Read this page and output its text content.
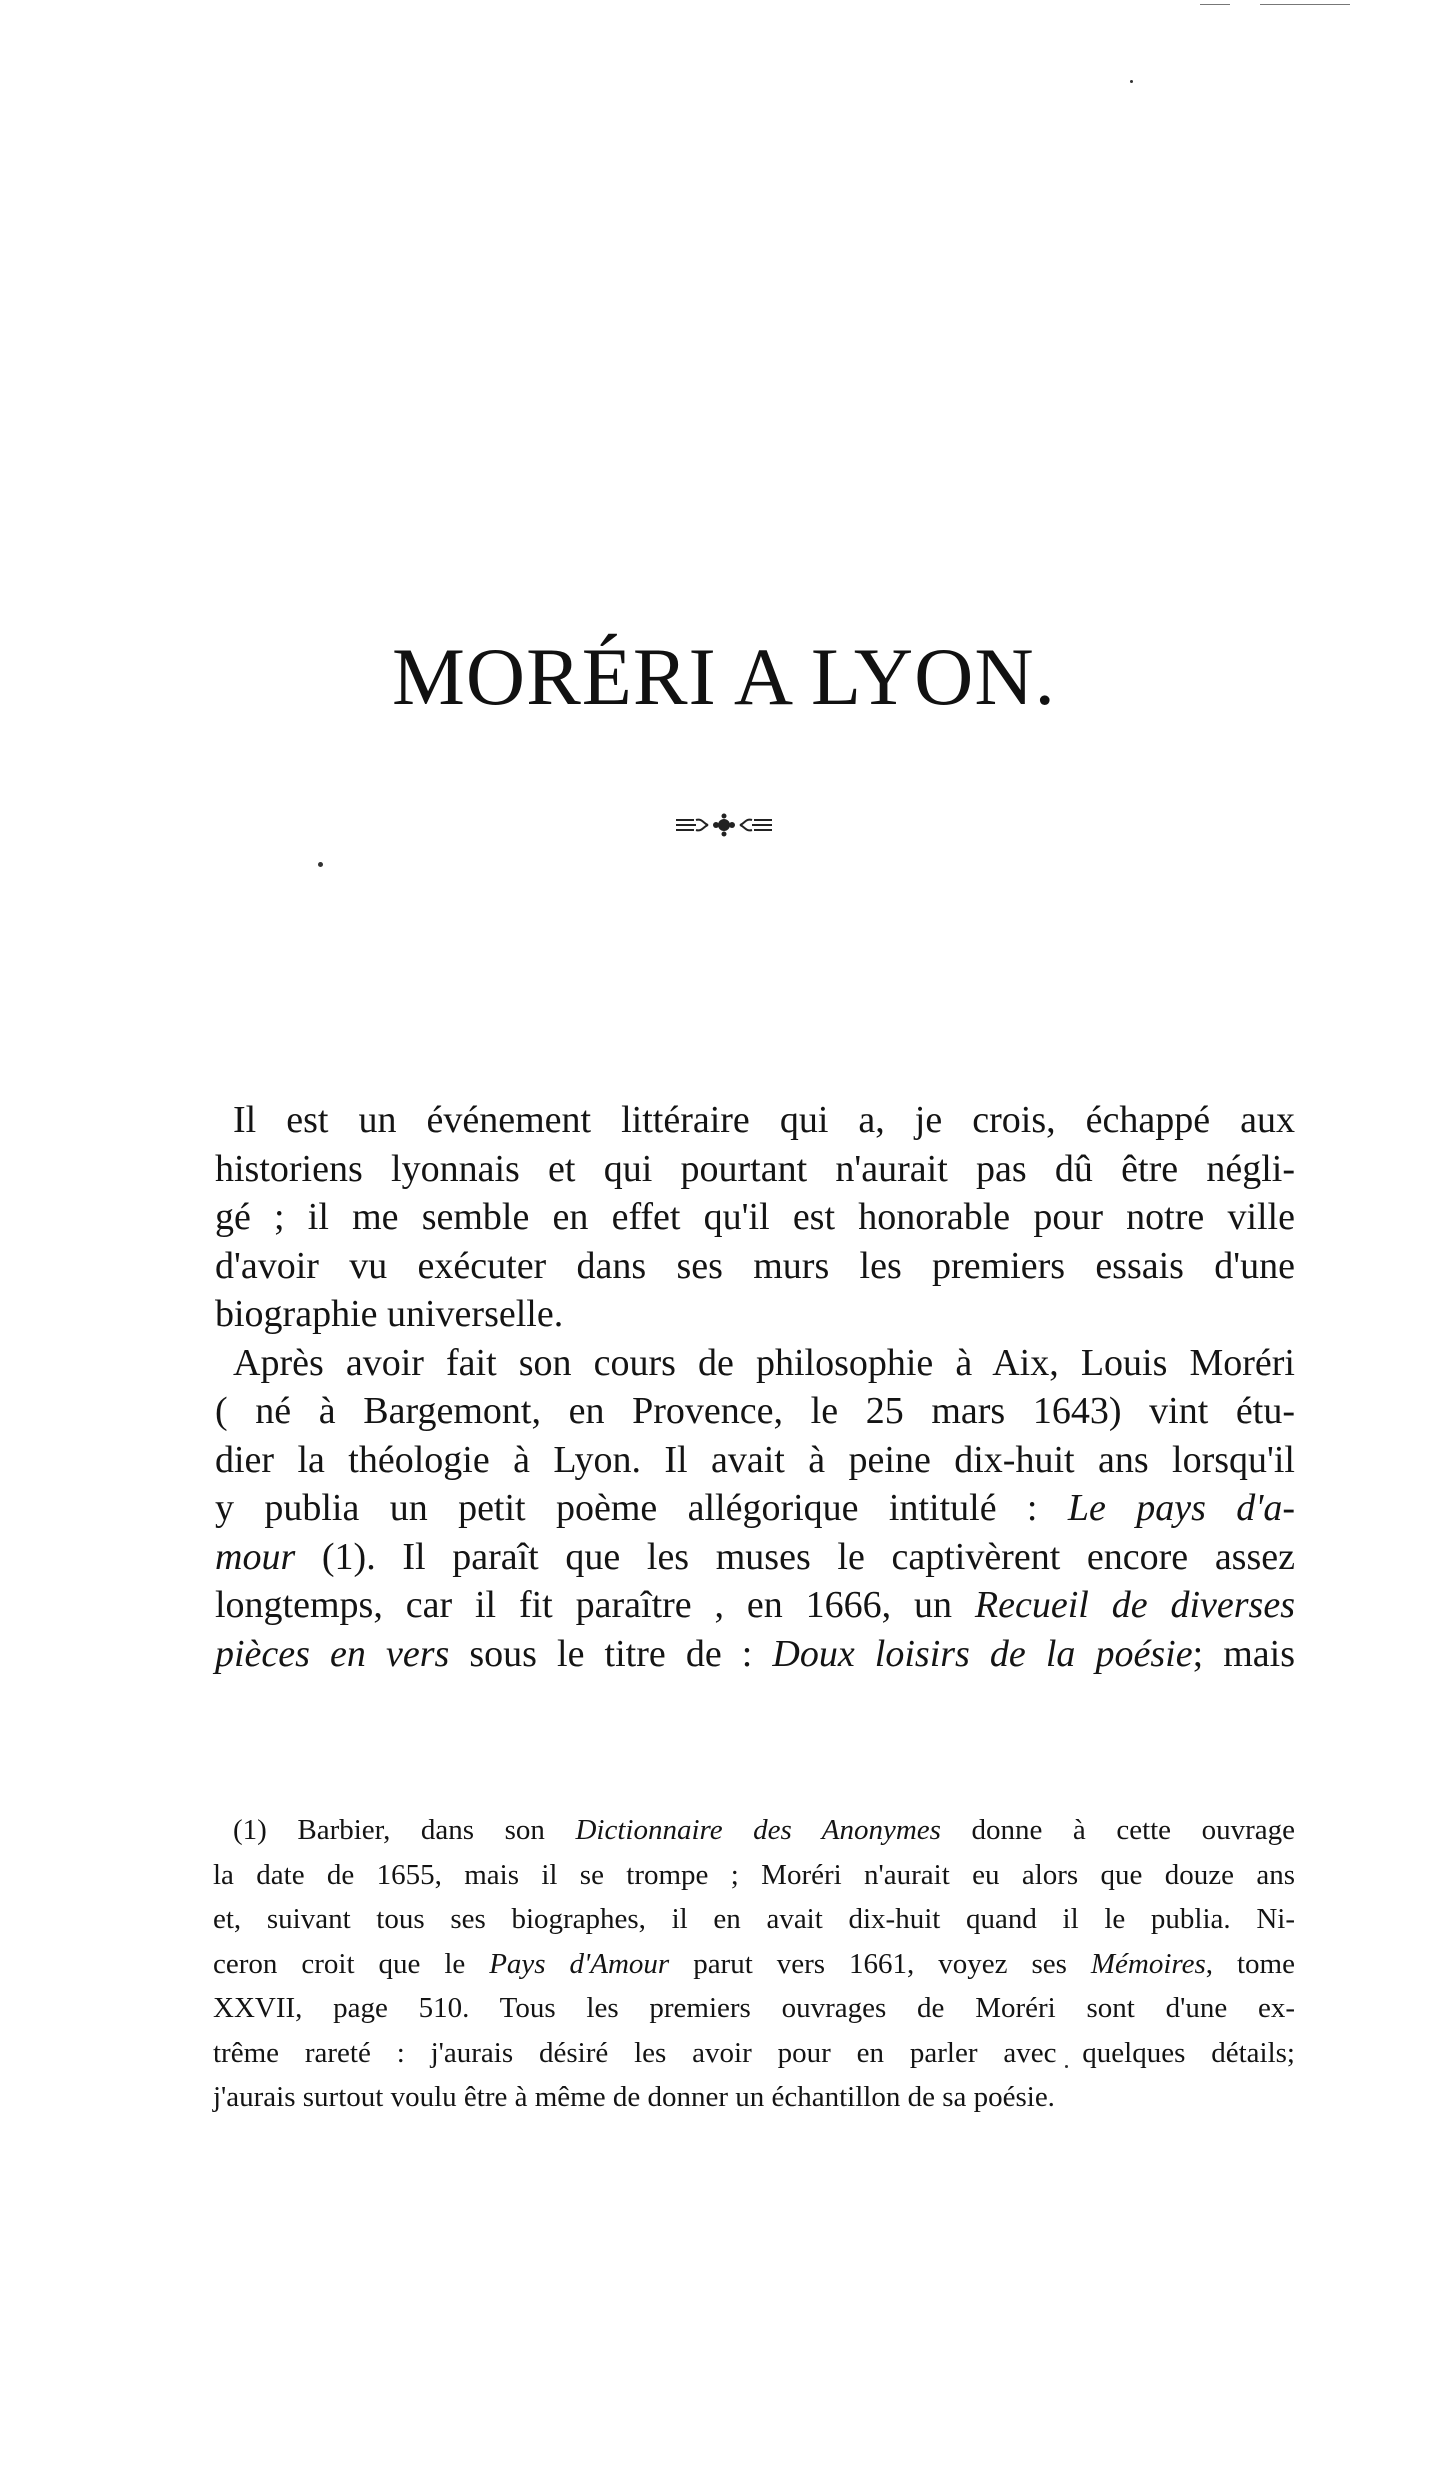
MORÉRI A LYON.
Il est un événement littéraire qui a, je crois, échappé aux
historiens lyonnais et qui pourtant n'aurait pas dû être négli-
gé ; il me semble en effet qu'il est honorable pour notre ville
d'avoir vu exécuter dans ses murs les premiers essais d'une
biographie universelle.
Après avoir fait son cours de philosophie à Aix, Louis Moréri
( né à Bargemont, en Provence, le 25 mars 1643) vint étu-
dier la théologie à Lyon. Il avait à peine dix-huit ans lorsqu'il
y publia un petit poème allégorique intitulé : Le pays d'a-
mour (1). Il paraît que les muses le captivèrent encore assez
longtemps, car il fit paraître , en 1666, un Recueil de diverses
pièces en vers sous le titre de : Doux loisirs de la poésie; mais
(1) Barbier, dans son Dictionnaire des Anonymes donne à cette ouvrage
la date de 1655, mais il se trompe ; Moréri n'aurait eu alors que douze ans
et, suivant tous ses biographes, il en avait dix-huit quand il le publia. Ni-
ceron croit que le Pays d'Amour parut vers 1661, voyez ses Mémoires, tome
XXVII, page 510. Tous les premiers ouvrages de Moréri sont d'une ex-
trême rareté : j'aurais désiré les avoir pour en parler avec quelques détails;
j'aurais surtout voulu être à même de donner un échantillon de sa poésie.
